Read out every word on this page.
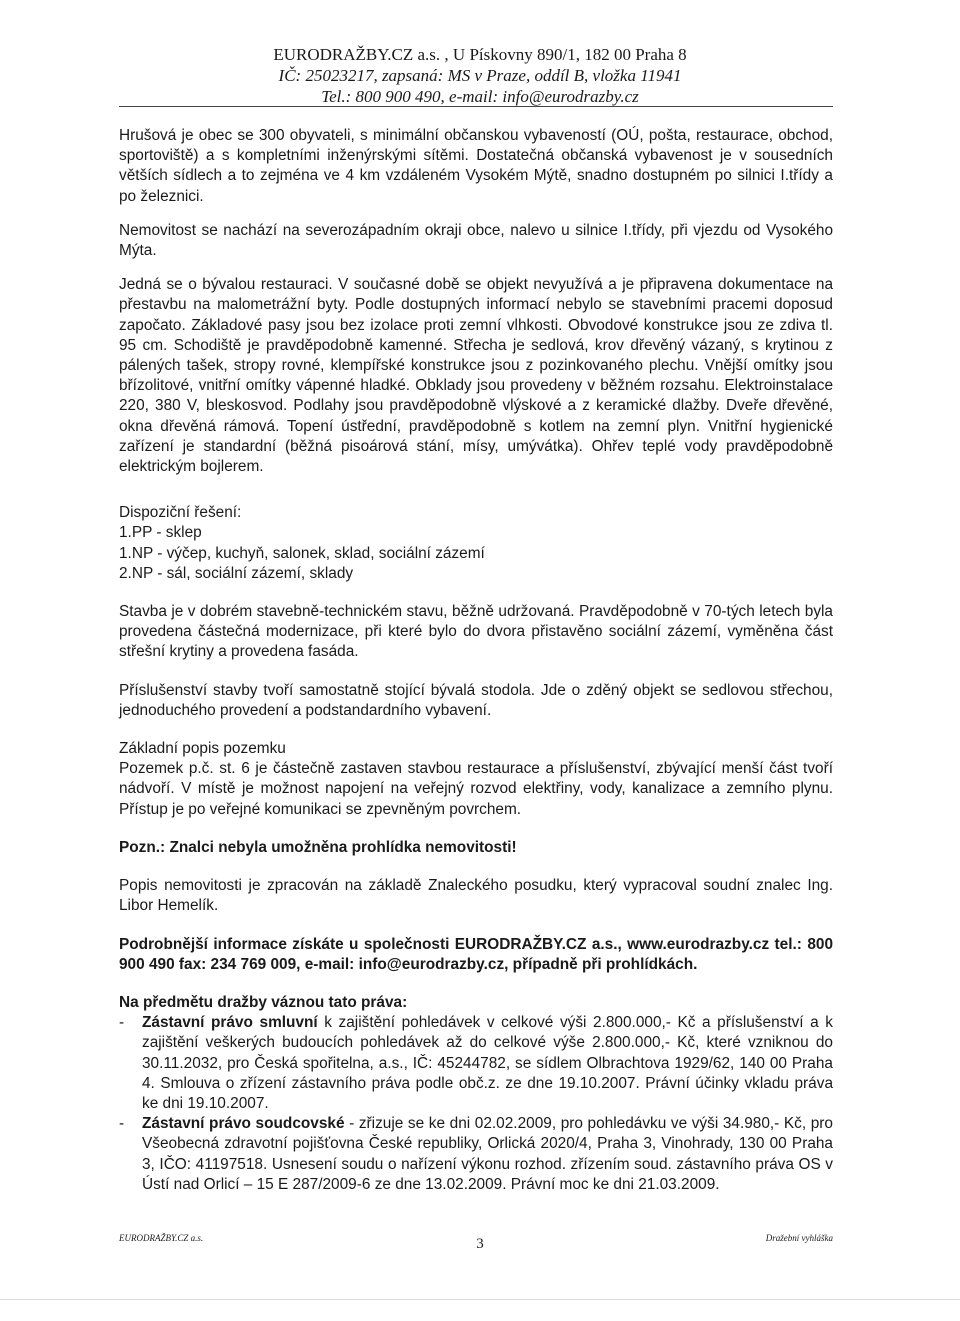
EURODRAŽBY.CZ a.s. , U Pískovny 890/1, 182 00 Praha 8
IČ: 25023217, zapsaná: MS v Praze, oddíl B, vložka 11941
Tel.: 800 900 490, e-mail: info@eurodrazby.cz

Hrušová je obec se 300 obyvateli, s minimální občanskou vybaveností (OÚ, pošta, restaurace, obchod, sportoviště) a s kompletními inženýrskými sítěmi. Dostatečná občanská vybavenost je v sousedních větších sídlech a to zejména ve 4 km vzdáleném Vysokém Mýtě, snadno dostupném po silnici I.třídy a po železnici.

Nemovitost se nachází na severozápadním okraji obce, nalevo u silnice I.třídy, při vjezdu od Vysokého Mýta.

Jedná se o bývalou restauraci. V současné době se objekt nevyužívá a je připravena dokumentace na přestavbu na malometrážní byty. Podle dostupných informací nebylo se stavebními pracemi doposud započato. Základové pasy jsou bez izolace proti zemní vlhkosti. Obvodové konstrukce jsou ze zdiva tl. 95 cm. Schodiště je pravděpodobně kamenné. Střecha je sedlová, krov dřevěný vázaný, s krytinou z pálených tašek, stropy rovné, klempířské konstrukce jsou z pozinkovaného plechu. Vnější omítky jsou břízolitové, vnitřní omítky vápenné hladké. Obklady jsou provedeny v běžném rozsahu. Elektroinstalace 220, 380 V, bleskosvod. Podlahy jsou pravděpodobně vlýskové a z keramické dlažby. Dveře dřevěné, okna dřevěná rámová. Topení ústřední, pravděpodobně s kotlem na zemní plyn. Vnitřní hygienické zařízení je standardní (běžná pisoárová stání, mísy, umývátka). Ohřev teplé vody pravděpodobně elektrickým bojlerem.

Dispoziční řešení:

1.PP - sklep

1.NP - výčep, kuchyň, salonek, sklad, sociální zázemí

2.NP - sál, sociální zázemí, sklady

Stavba je v dobrém stavebně-technickém stavu, běžně udržovaná. Pravděpodobně v 70-tých letech byla provedena částečná modernizace, při které bylo do dvora přistavěno sociální zázemí, vyměněna část střešní krytiny a provedena fasáda.

Příslušenství stavby tvoří samostatně stojící bývalá stodola. Jde o zděný objekt se sedlovou střechou, jednoduchého provedení a podstandardního vybavení.

Základní popis pozemku

Pozemek p.č. st. 6 je částečně zastaven stavbou restaurace a příslušenství, zbývající menší část tvoří nádvoří. V místě je možnost napojení na veřejný rozvod elektřiny, vody, kanalizace a zemního plynu. Přístup je po veřejné komunikaci se zpevněným povrchem.

Pozn.: Znalci nebyla umožněna prohlídka nemovitosti!

Popis nemovitosti je zpracován na základě Znaleckého posudku, který vypracoval soudní znalec Ing. Libor Hemelík.

Podrobnější informace získáte u společnosti EURODRAŽBY.CZ a.s., www.eurodrazby.cz tel.: 800 900 490 fax: 234 769 009, e-mail: info@eurodrazby.cz, případně při prohlídkách.

Na předmětu dražby váznou tato práva:

- Zástavní právo smluvní k zajištění pohledávek v celkové výši 2.800.000,- Kč a příslušenství a k zajištění veškerých budoucích pohledávek až do celkové výše 2.800.000,- Kč, které vzniknou do 30.11.2032, pro Česká spořitelna, a.s., IČ: 45244782, se sídlem Olbrachtova 1929/62, 140 00 Praha 4. Smlouva o zřízení zástavního práva podle obč.z. ze dne 19.10.2007. Právní účinky vkladu práva ke dni 19.10.2007.
- Zástavní právo soudcovské - zřizuje se ke dni 02.02.2009, pro pohledávku ve výši 34.980,- Kč, pro Všeobecná zdravotní pojišťovna České republiky, Orlická 2020/4, Praha 3, Vinohrady, 130 00 Praha 3, IČO: 41197518. Usnesení soudu o nařízení výkonu rozhod. zřízením soud. zástavního práva OS v Ústí nad Orlicí – 15 E 287/2009-6 ze dne 13.02.2009. Právní moc ke dni 21.03.2009.
EURODRAŽBY.CZ a.s.	3	Dražební vyhláška
